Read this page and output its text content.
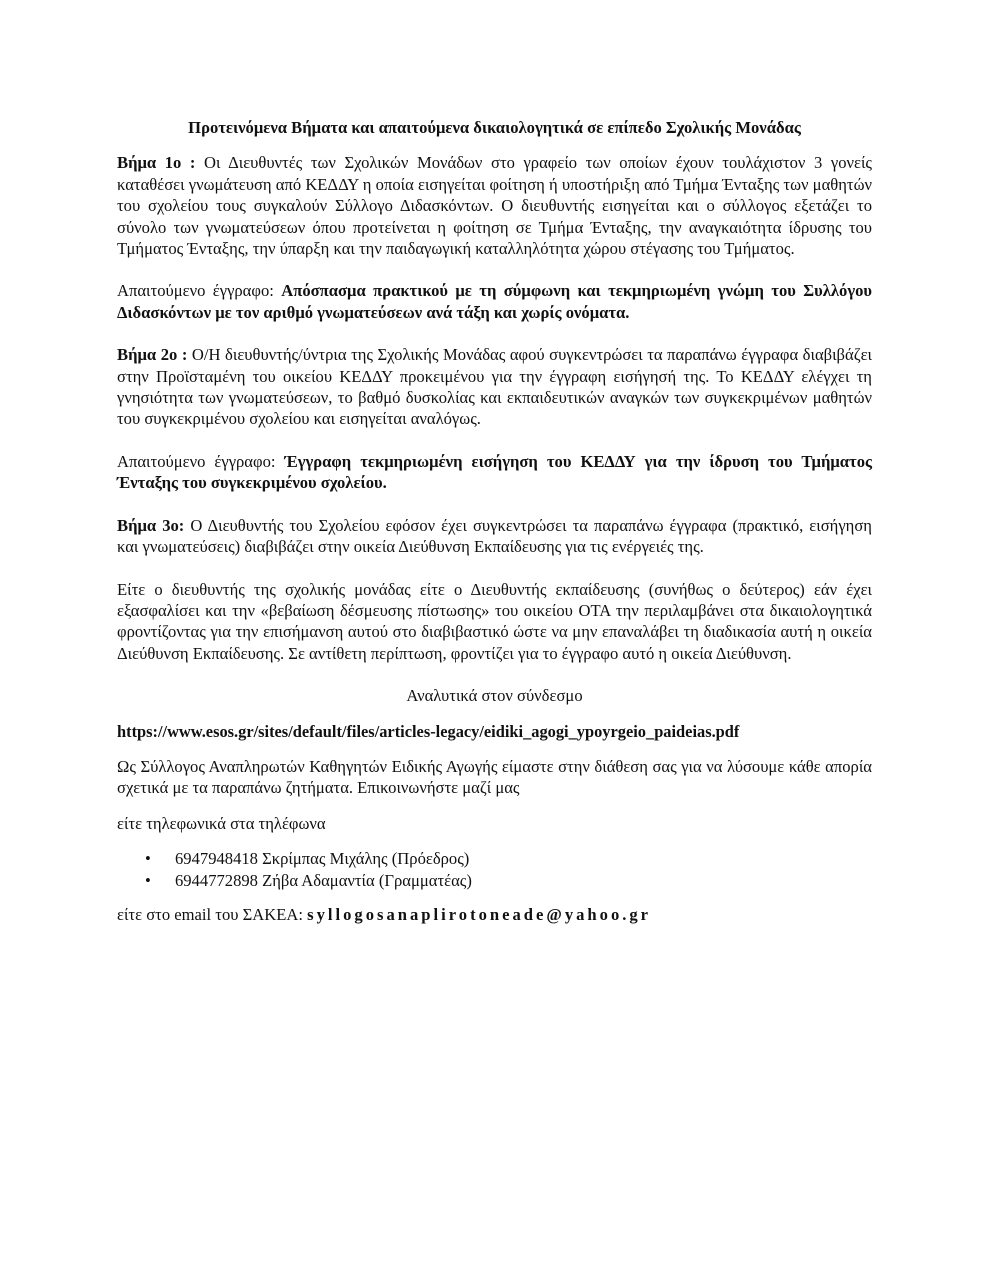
Προτεινόμενα Βήματα και απαιτούμενα δικαιολογητικά σε επίπεδο Σχολικής Μονάδας

Βήμα 1ο : Οι Διευθυντές των Σχολικών Μονάδων στο γραφείο των οποίων έχουν τουλάχιστον 3 γονείς καταθέσει γνωμάτευση από ΚΕΔΔΥ η οποία εισηγείται φοίτηση ή υποστήριξη από Τμήμα Ένταξης των μαθητών του σχολείου τους συγκαλούν Σύλλογο Διδασκόντων. Ο διευθυντής εισηγείται και ο σύλλογος εξετάζει το σύνολο των γνωματεύσεων όπου προτείνεται η φοίτηση σε Τμήμα Ένταξης, την αναγκαιότητα ίδρυσης του Τμήματος Ένταξης, την ύπαρξη και την παιδαγωγική καταλληλότητα χώρου στέγασης του Τμήματος.

Απαιτούμενο έγγραφο: Απόσπασμα πρακτικού με τη σύμφωνη και τεκμηριωμένη γνώμη του Συλλόγου Διδασκόντων με τον αριθμό γνωματεύσεων ανά τάξη και χωρίς ονόματα.

Βήμα 2ο : Ο/Η διευθυντής/ύντρια της Σχολικής Μονάδας αφού συγκεντρώσει τα παραπάνω έγγραφα διαβιβάζει στην Προϊσταμένη του οικείου ΚΕΔΔΥ προκειμένου για την έγγραφη εισήγησή της. Το ΚΕΔΔΥ ελέγχει τη γνησιότητα των γνωματεύσεων, το βαθμό δυσκολίας και εκπαιδευτικών αναγκών των συγκεκριμένων μαθητών του συγκεκριμένου σχολείου και εισηγείται αναλόγως.

Απαιτούμενο έγγραφο: Έγγραφη τεκμηριωμένη εισήγηση του ΚΕΔΔΥ για την ίδρυση του Τμήματος Ένταξης του συγκεκριμένου σχολείου.

Βήμα 3ο: Ο Διευθυντής του Σχολείου εφόσον έχει συγκεντρώσει τα παραπάνω έγγραφα (πρακτικό, εισήγηση και γνωματεύσεις) διαβιβάζει στην οικεία Διεύθυνση Εκπαίδευσης για τις ενέργειές της.

Είτε ο διευθυντής της σχολικής μονάδας είτε ο Διευθυντής εκπαίδευσης (συνήθως ο δεύτερος) εάν έχει εξασφαλίσει και την «βεβαίωση δέσμευσης πίστωσης» του οικείου ΟΤΑ την περιλαμβάνει στα δικαιολογητικά φροντίζοντας για την επισήμανση αυτού στο διαβιβαστικό ώστε να μην επαναλάβει τη διαδικασία αυτή η οικεία Διεύθυνση Εκπαίδευσης. Σε αντίθετη περίπτωση, φροντίζει για το έγγραφο αυτό η οικεία Διεύθυνση.

Αναλυτικά στον σύνδεσμο

https://www.esos.gr/sites/default/files/articles-legacy/eidiki_agogi_ypoyrgeio_paideias.pdf

Ως Σύλλογος Αναπληρωτών Καθηγητών Ειδικής Αγωγής είμαστε στην διάθεση σας για να λύσουμε κάθε απορία σχετικά με τα παραπάνω ζητήματα. Επικοινωνήστε μαζί μας

είτε τηλεφωνικά στα τηλέφωνα

• 6947948418 Σκρίμπας Μιχάλης (Πρόεδρος)
• 6944772898 Ζήβα Αδαμαντία (Γραμματέας)

είτε στο email του ΣΑΚΕΑ: syllogosanaplirotoneade@yahoo.gr
